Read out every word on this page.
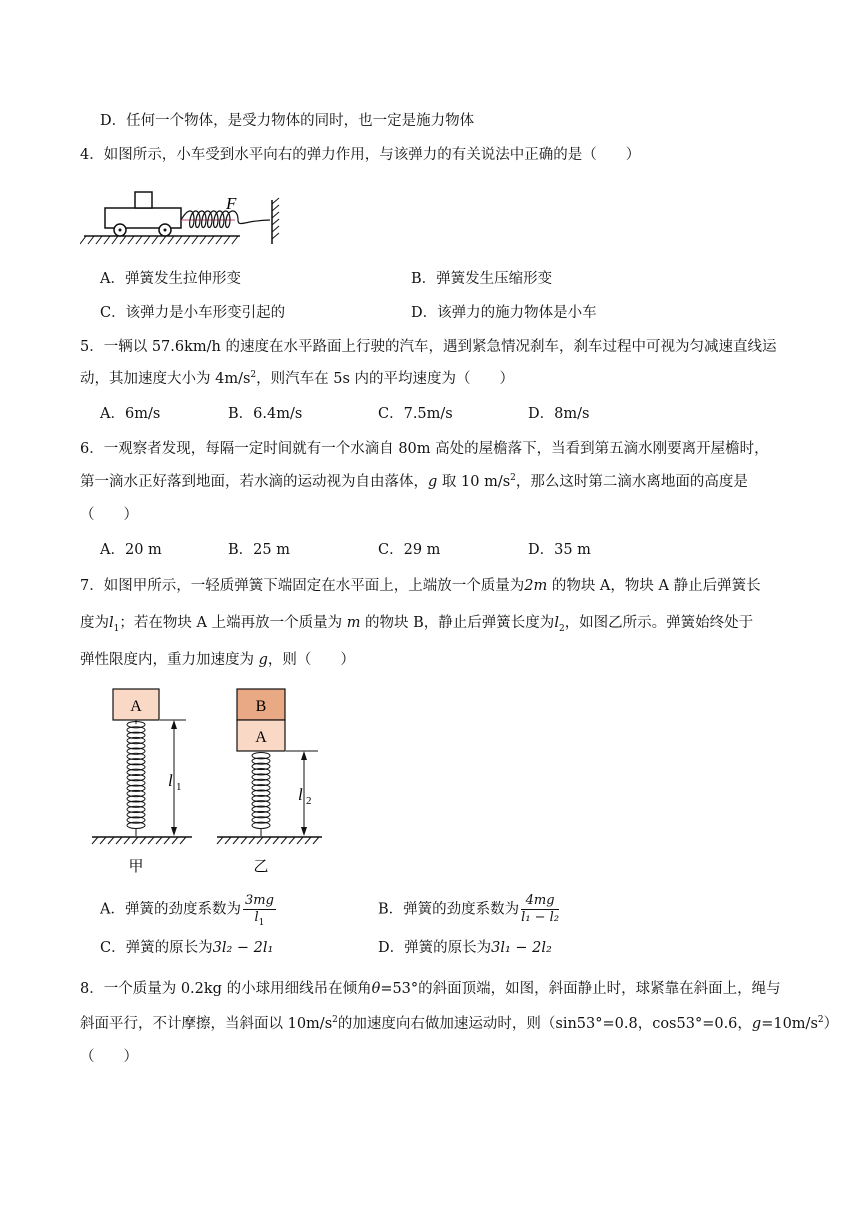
D．任何一个物体，是受力物体的同时，也一定是施力物体
4．如图所示，小车受到水平向右的弹力作用，与该弹力的有关说法中正确的是（　　）
F
A．弹簧发生拉伸形变	B．弹簧发生压缩形变
C．该弹力是小车形变引起的	D．该弹力的施力物体是小车
5．一辆以 57.6km/h 的速度在水平路面上行驶的汽车，遇到紧急情况刹车，刹车过程中可视为匀减速直线运
动，其加速度大小为 $4m/s^2$，则汽车在 5s 内的平均速度为（　　）
A．6m/s	B．6.4m/s	C．7.5m/s	D．8m/s
6．一观察者发现，每隔一定时间就有一个水滴自 80m 高处的屋檐落下，当看到第五滴水刚要离开屋檐时，
第一滴水正好落到地面，若水滴的运动视为自由落体，g 取 10 $m/s^2$，那么这时第二滴水离地面的高度是
（　　）
A．20 m	B．25 m	C．29 m	D．35 m
7．如图甲所示，一轻质弹簧下端固定在水平面上，上端放一个质量为2m 的物块 A，物块 A 静止后弹簧长
度为$l_1$；若在物块 A 上端再放一个质量为 m 的物块 B，静止后弹簧长度为$l_2$，如图乙所示。弹簧始终处于
弹性限度内，重力加速度为 g，则（　　）
A
l 1
甲
B
A
l 2
乙
A．弹簧的劲度系数为 $\frac{3mg}{l_1}$	B．弹簧的劲度系数为 $\frac{4mg}{\text{l₁ − l₂}}$
C．弹簧的原长为3l₂ − 2l₁	D．弹簧的原长为3l₁ − 2l₂
8．一个质量为 0.2kg 的小球用细线吊在倾角θ=53°的斜面顶端，如图，斜面静止时，球紧靠在斜面上，绳与
斜面平行，不计摩擦，当斜面以 $10m/s^2$的加速度向右做加速运动时，则（sin53°=0.8，cos53°=0.6，$g=10m/s^2$）
（　　）
